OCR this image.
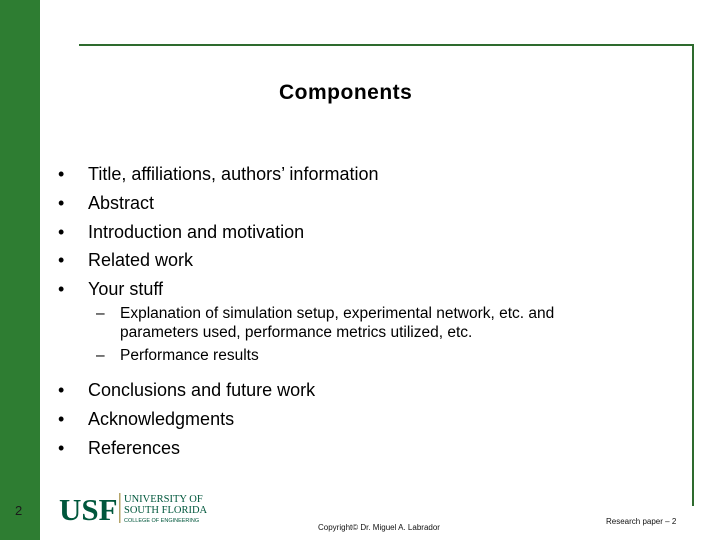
Components
• Title, affiliations, authors’ information
• Abstract
• Introduction and motivation
• Related work
• Your stuff
– Explanation of simulation setup, experimental network, etc. and
parameters used, performance metrics utilized, etc.
– Performance results
• Conclusions and future work
• Acknowledgments
• References
2 USF UNIVERSITY OF
SOUTH FLORIDA
COLLEGE OF ENGINEERING
Copyright© Dr. Miguel A. Labrador
Research paper – 2
